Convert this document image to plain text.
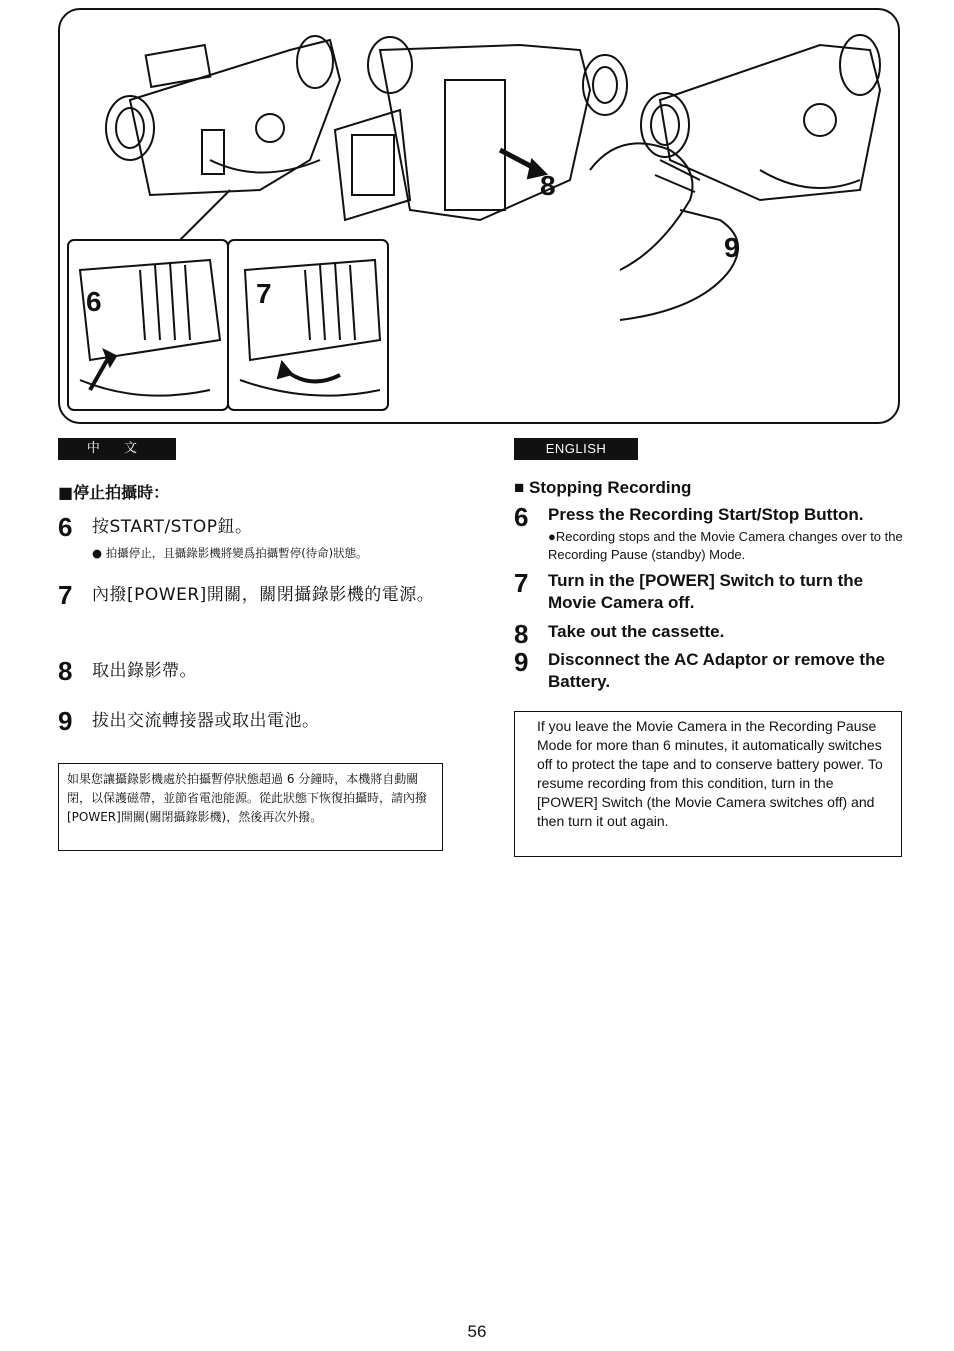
6	7
8
9
中 文
■停止拍攝時：
6	按START/STOP鈕。
● 拍攝停止，且攝錄影機將變爲拍攝暫停(待命)狀態。
7	內撥[POWER]開關，關閉攝錄影機的電源。
8	取出錄影帶。
9	拔出交流轉接器或取出電池。
如果您讓攝錄影機處於拍攝暫停狀態超過 6 分鐘時，本機將自動關閉，以保護磁帶，並節省電池能源。從此狀態下恢復拍攝時，請內撥[POWER]開關(關閉攝錄影機)，然後再次外撥。
ENGLISH
■ Stopping Recording
6	Press the Recording Start/Stop Button.
●Recording stops and the Movie Camera changes over to the Recording Pause (standby) Mode.
7	Turn in the [POWER] Switch to turn the Movie Camera off.
8	Take out the cassette.
9	Disconnect the AC Adaptor or remove the Battery.
If you leave the Movie Camera in the Recording Pause Mode for more than 6 minutes, it automatically switches off to protect the tape and to conserve battery power. To resume recording from this condition, turn in the [POWER] Switch (the Movie Camera switches off) and then turn it out again.
56
